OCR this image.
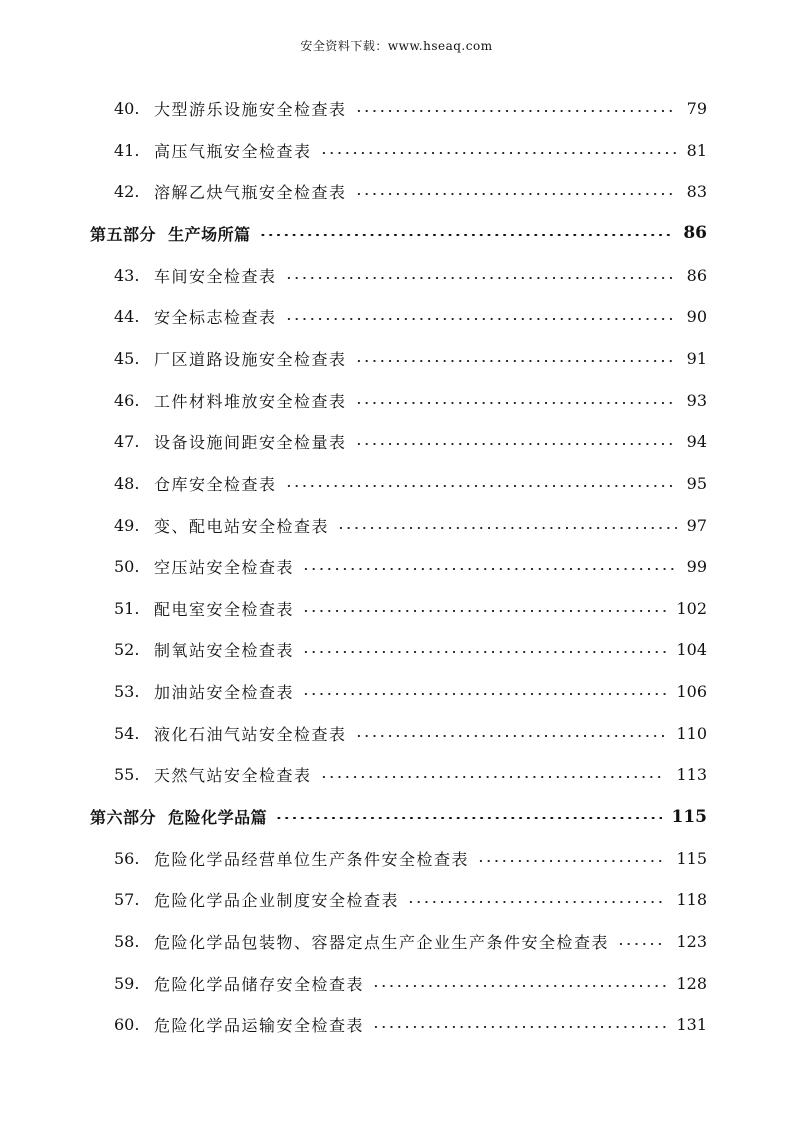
安全资料下载：www.hseaq.com
40. 大型游乐设施安全检查表	79
41. 高压气瓶安全检查表	81
42. 溶解乙炔气瓶安全检查表	83
第五部分  生产场所篇	86
43. 车间安全检查表	86
44. 安全标志检查表	90
45. 厂区道路设施安全检查表	91
46. 工件材料堆放安全检查表	93
47. 设备设施间距安全检量表	94
48. 仓库安全检查表	95
49. 变、配电站安全检查表	97
50. 空压站安全检查表	99
51. 配电室安全检查表	102
52. 制氧站安全检查表	104
53. 加油站安全检查表	106
54. 液化石油气站安全检查表	110
55. 天然气站安全检查表	113
第六部分  危险化学品篇	115
56. 危险化学品经营单位生产条件安全检查表	115
57. 危险化学品企业制度安全检查表	118
58. 危险化学品包装物、容器定点生产企业生产条件安全检查表	123
59. 危险化学品储存安全检查表	128
60. 危险化学品运输安全检查表	131
